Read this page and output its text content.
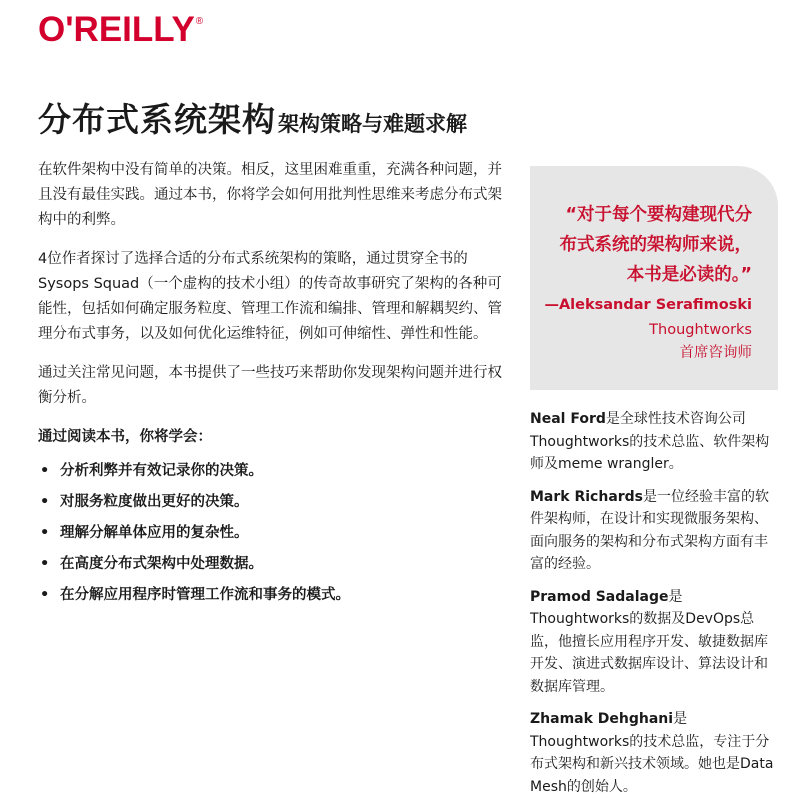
O'REILLY®
分布式系统架构架构策略与难题求解

在软件架构中没有简单的决策。相反，这里困难重重，充满各种问题，并且没有最佳实践。通过本书，你将学会如何用批判性思维来考虑分布式架构中的利弊。

4位作者探讨了选择合适的分布式系统架构的策略，通过贯穿全书的Sysops Squad（一个虚构的技术小组）的传奇故事研究了架构的各种可能性，包括如何确定服务粒度、管理工作流和编排、管理和解耦契约、管理分布式事务，以及如何优化运维特征，例如可伸缩性、弹性和性能。

通过关注常见问题，本书提供了一些技巧来帮助你发现架构问题并进行权衡分析。

通过阅读本书，你将学会：
• 分析利弊并有效记录你的决策。
• 对服务粒度做出更好的决策。
• 理解分解单体应用的复杂性。
• 在高度分布式架构中处理数据。
• 在分解应用程序时管理工作流和事务的模式。
“对于每个要构建现代分
布式系统的架构师来说，
本书是必读的。”
—Aleksandar Serafimoski
Thoughtworks
首席咨询师

Neal Ford是全球性技术咨询公司Thoughtworks的技术总监、软件架构师及meme wrangler。

Mark Richards是一位经验丰富的软件架构师，在设计和实现微服务架构、面向服务的架构和分布式架构方面有丰富的经验。

Pramod Sadalage是Thoughtworks的数据及DevOps总监，他擅长应用程序开发、敏捷数据库开发、演进式数据库设计、算法设计和数据库管理。

Zhamak Dehghani是Thoughtworks的技术总监，专注于分布式架构和新兴技术领域。她也是Data Mesh的创始人。
